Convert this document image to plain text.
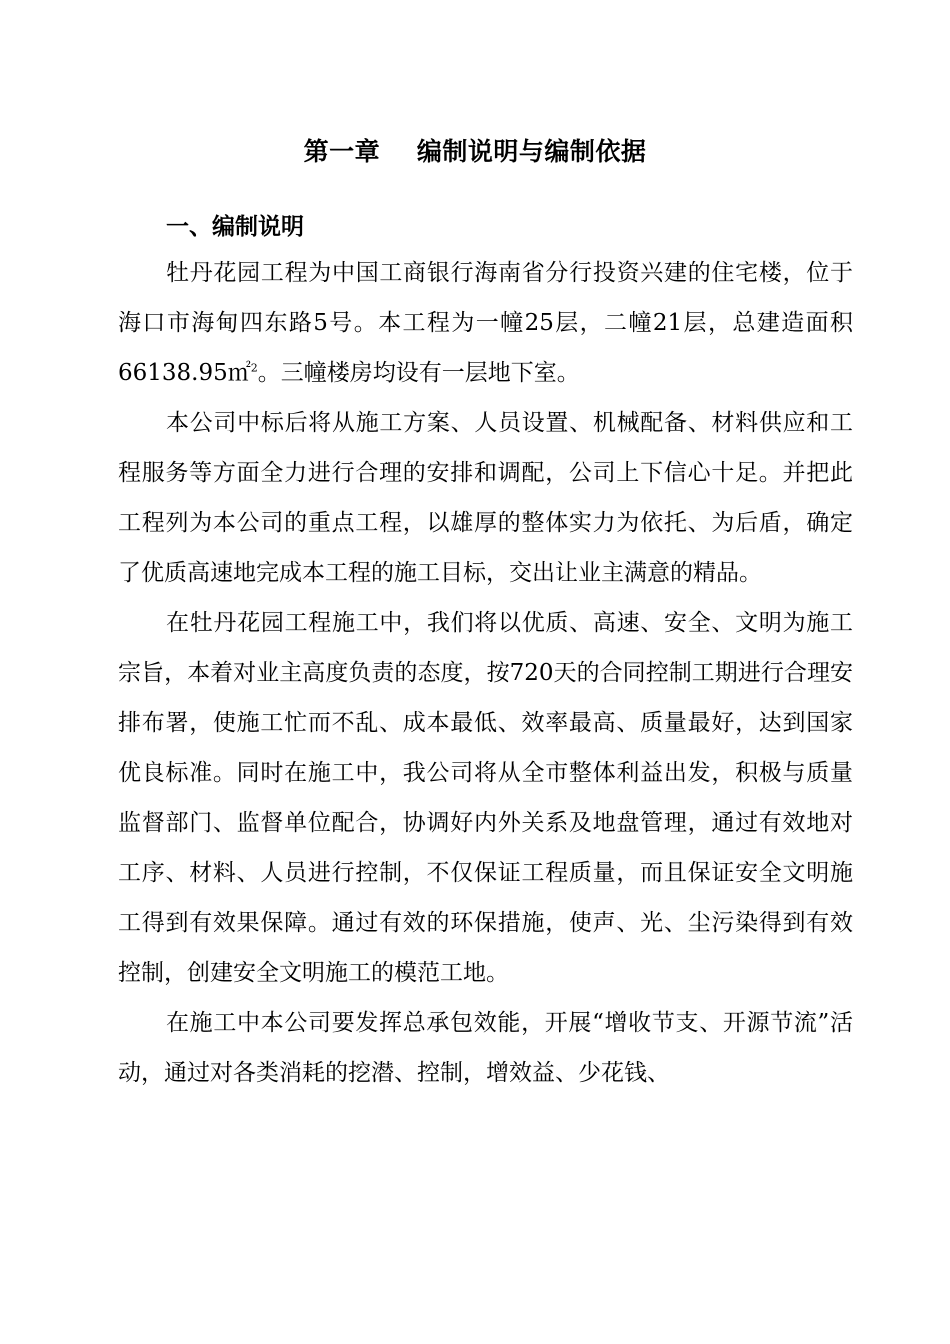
第一章    编制说明与编制依据
一、编制说明

牡丹花园工程为中国工商银行海南省分行投资兴建的住宅楼，位于海口市海甸四东路5号。本工程为一幢25层，二幢21层，总建造面积66138.95㎡$^2$。三幢楼房均设有一层地下室。

本公司中标后将从施工方案、人员设置、机械配备、材料供应和工程服务等方面全力进行合理的安排和调配，公司上下信心十足。并把此工程列为本公司的重点工程，以雄厚的整体实力为依托、为后盾，确定了优质高速地完成本工程的施工目标，交出让业主满意的精品。

在牡丹花园工程施工中，我们将以优质、高速、安全、文明为施工宗旨，本着对业主高度负责的态度，按720天的合同控制工期进行合理安排布署，使施工忙而不乱、成本最低、效率最高、质量最好，达到国家优良标准。同时在施工中，我公司将从全市整体利益出发，积极与质量监督部门、监督单位配合，协调好内外关系及地盘管理，通过有效地对工序、材料、人员进行控制，不仅保证工程质量，而且保证安全文明施工得到有效果保障。通过有效的环保措施，使声、光、尘污染得到有效控制，创建安全文明施工的模范工地。

在施工中本公司要发挥总承包效能，开展“增收节支、开源节流”活动，通过对各类消耗的挖潜、控制，增效益、少花钱、
